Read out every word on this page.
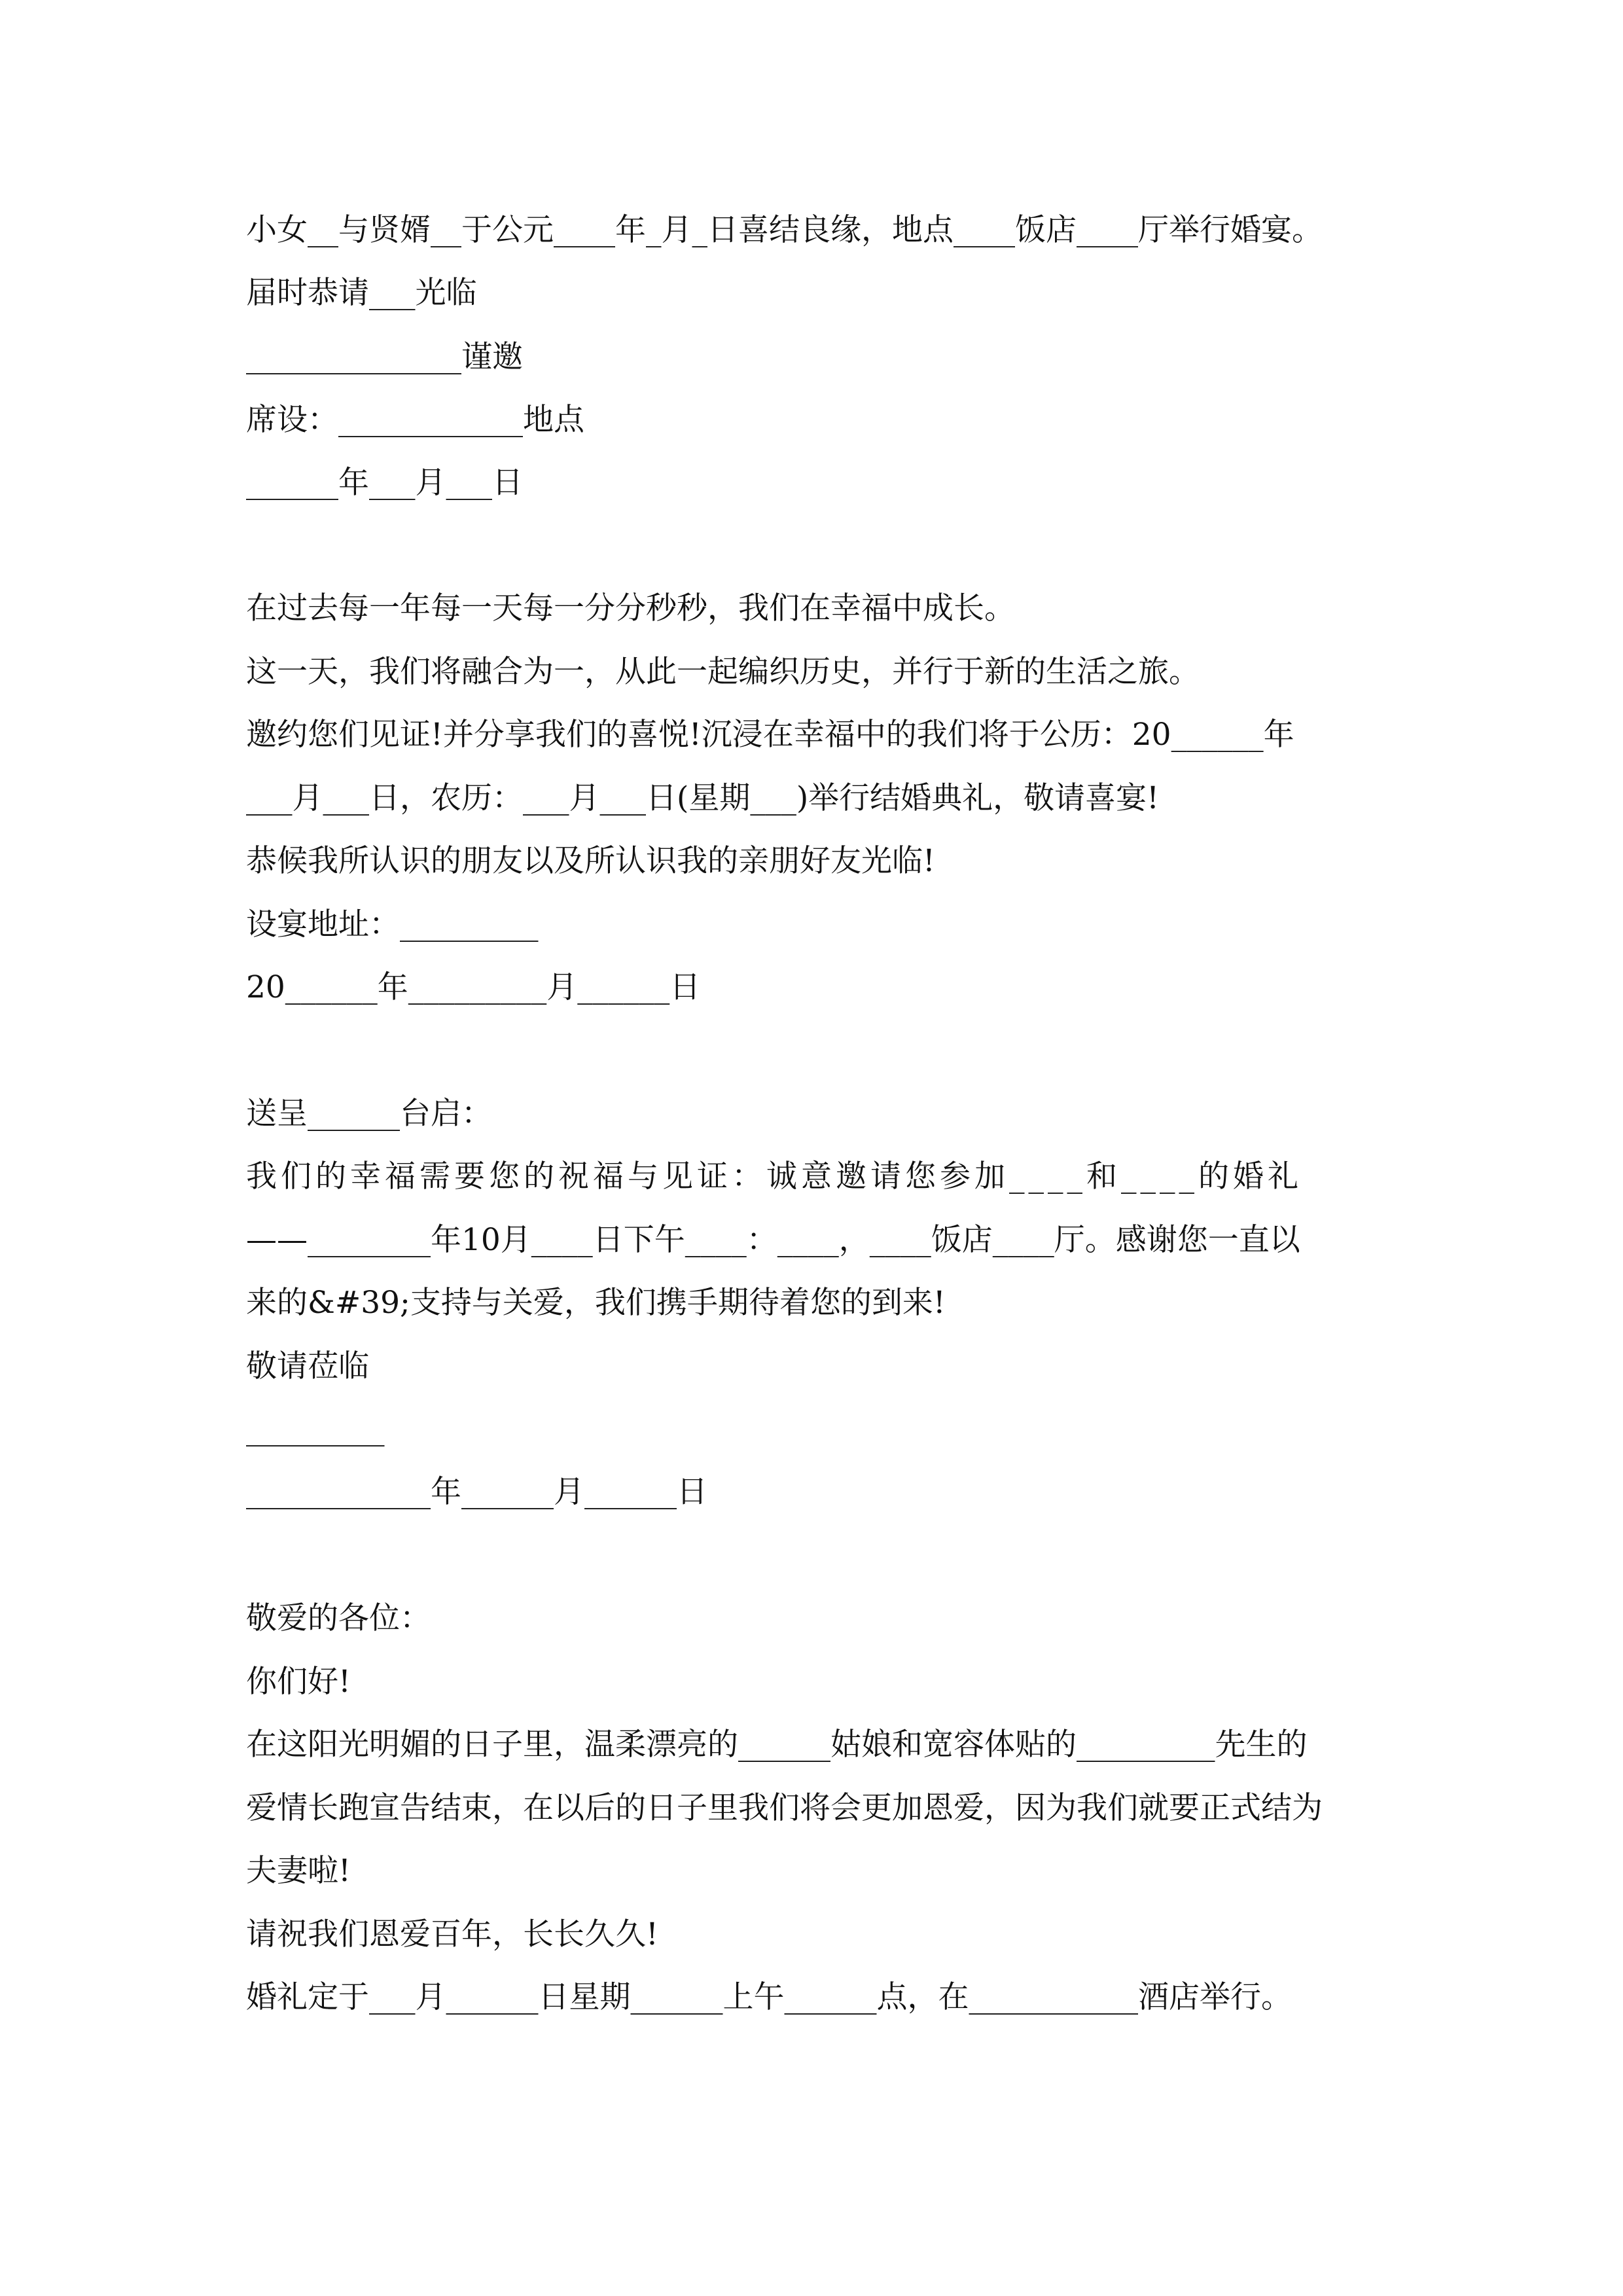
小女__与贤婿__于公元____年_月_日喜结良缘，地点____饭店____厅举行婚宴。
届时恭请___光临
______________谨邀
席设：____________地点
______年___月___日
在过去每一年每一天每一分分秒秒，我们在幸福中成长。
这一天，我们将融合为一，从此一起编织历史，并行于新的生活之旅。
邀约您们见证!并分享我们的喜悦!沉浸在幸福中的我们将于公历：20______年
___月___日，农历：___月___日(星期___)举行结婚典礼，敬请喜宴!
恭候我所认识的朋友以及所认识我的亲朋好友光临!
设宴地址：_________
20______年_________月______日
送呈______台启：
我们的幸福需要您的祝福与见证：诚意邀请您参加____和____的婚礼
——________年10月____日下午____：____，____饭店____厅。感谢您一直以
来的&#39;支持与关爱，我们携手期待着您的到来!
敬请莅临
_________
____________年______月______日
敬爱的各位：
你们好!
在这阳光明媚的日子里，温柔漂亮的______姑娘和宽容体贴的_________先生的
爱情长跑宣告结束，在以后的日子里我们将会更加恩爱，因为我们就要正式结为
夫妻啦!
请祝我们恩爱百年，长长久久!
婚礼定于___月______日星期______上午______点，在___________酒店举行。
